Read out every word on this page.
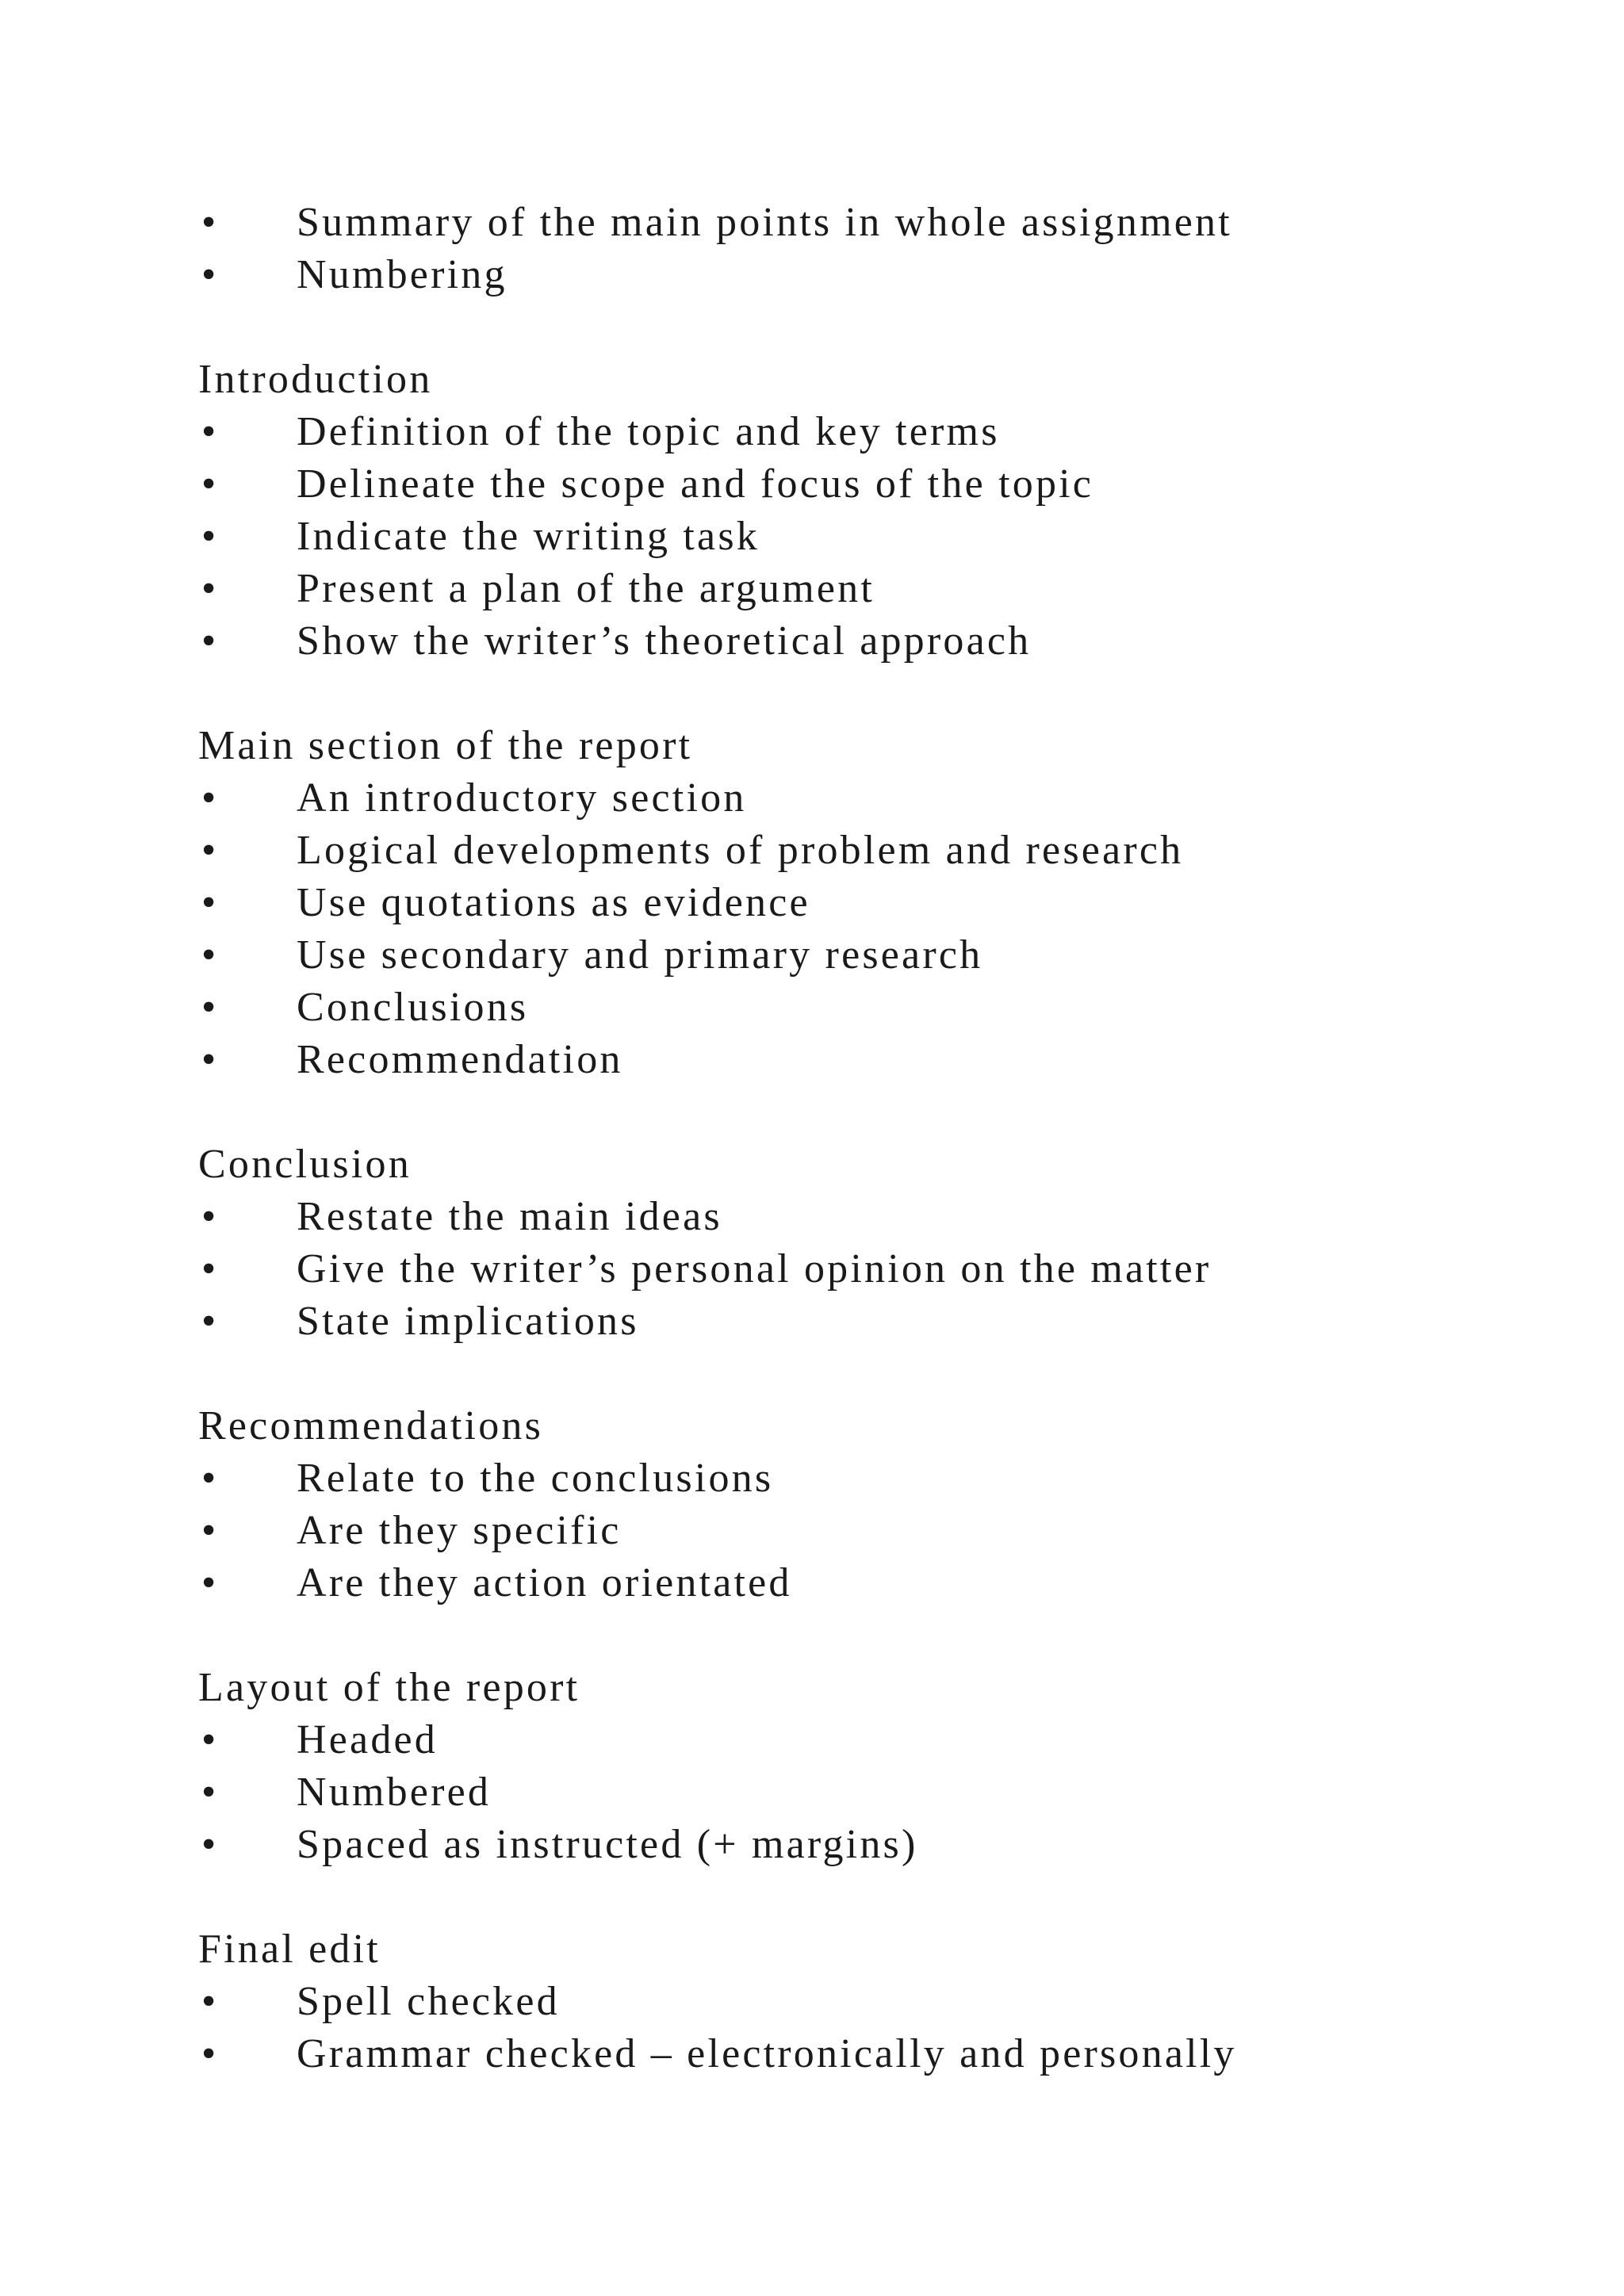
•	Summary of the main points in whole assignment
•	Numbering
Introduction
•	Definition of the topic and key terms
•	Delineate the scope and focus of the topic
•	Indicate the writing task
•	Present a plan of the argument
•	Show the writer’s theoretical approach
Main section of the report
•	An introductory section
•	Logical developments of problem and research
•	Use quotations as evidence
•	Use secondary and primary research
•	Conclusions
•	Recommendation
Conclusion
•	Restate the main ideas
•	Give the writer’s personal opinion on the matter
•	State implications
Recommendations
•	Relate to the conclusions
•	Are they specific
•	Are they action orientated
Layout of the report
•	Headed
•	Numbered
•	Spaced as instructed (+ margins)
Final edit
•	Spell checked
•	Grammar checked – electronically and personally
